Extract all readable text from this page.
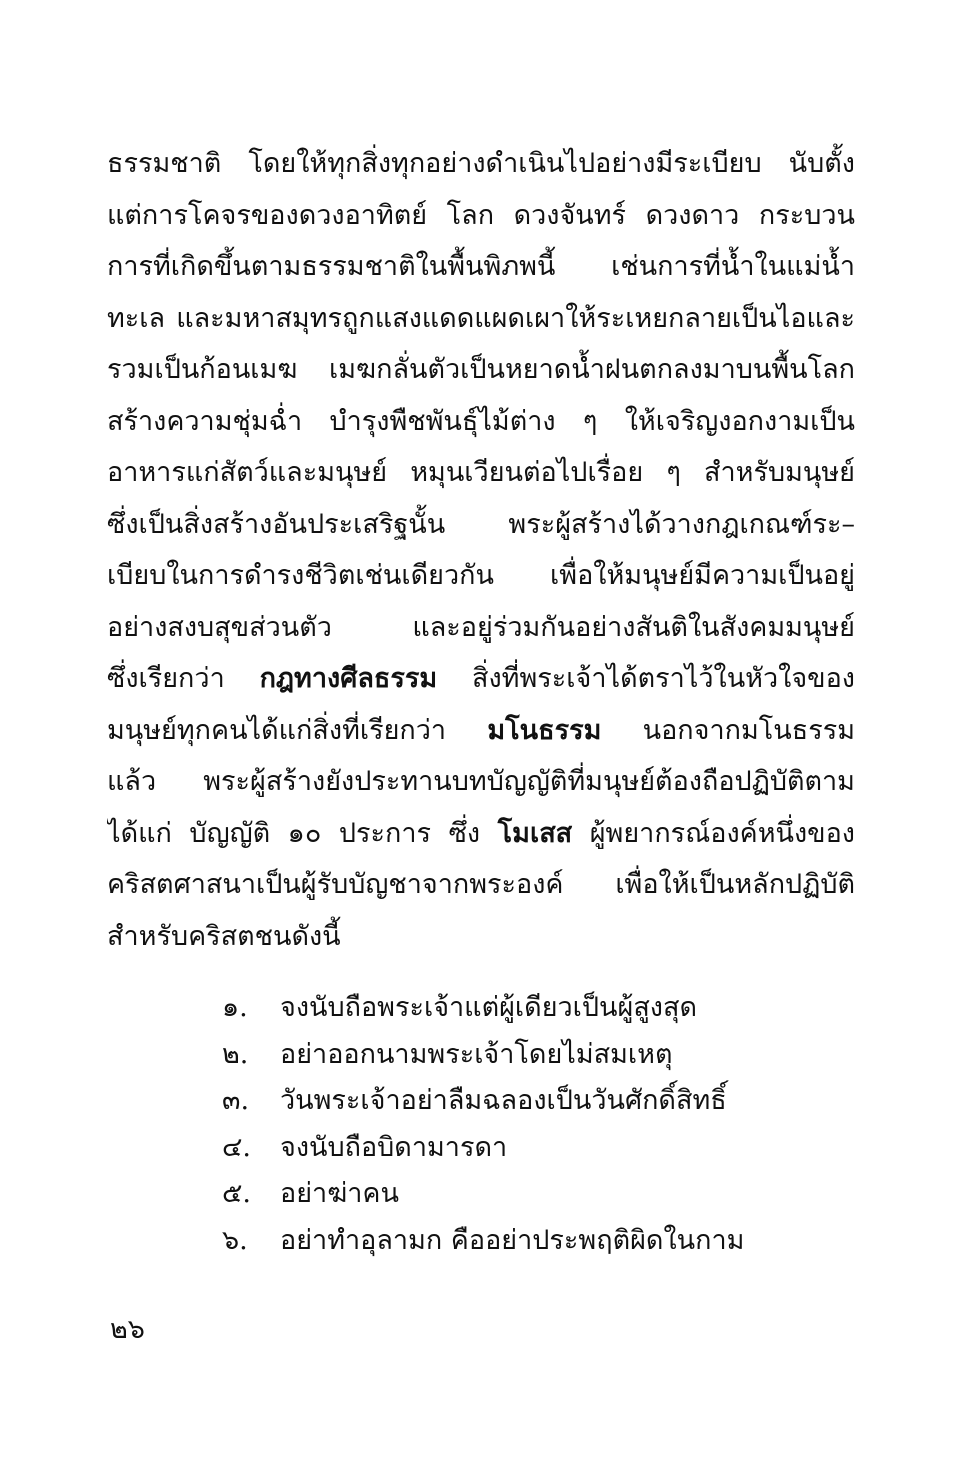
ธรรมชาติ โดยให้ทุกสิ่งทุกอย่างดำเนินไปอย่างมีระเบียบ นับตั้ง
แต่การโคจรของดวงอาทิตย์ โลก ดวงจันทร์ ดวงดาว กระบวน
การที่เกิดขึ้นตามธรรมชาติในพื้นพิภพนี้ เช่นการที่น้ำในแม่น้ำ
ทะเล และมหาสมุทรถูกแสงแดดแผดเผาให้ระเหยกลายเป็นไอและ
รวมเป็นก้อนเมฆ เมฆกลั่นตัวเป็นหยาดน้ำฝนตกลงมาบนพื้นโลก
สร้างความชุ่มฉ่ำ บำรุงพืชพันธุ์ไม้ต่าง ๆ ให้เจริญงอกงามเป็น
อาหารแก่สัตว์และมนุษย์ หมุนเวียนต่อไปเรื่อย ๆ สำหรับมนุษย์
ซึ่งเป็นสิ่งสร้างอันประเสริฐนั้น พระผู้สร้างได้วางกฎเกณฑ์ระ–
เบียบในการดำรงชีวิตเช่นเดียวกัน เพื่อให้มนุษย์มีความเป็นอยู่
อย่างสงบสุขส่วนตัว และอยู่ร่วมกันอย่างสันติในสังคมมนุษย์
ซึ่งเรียกว่า กฎทางศีลธรรม สิ่งที่พระเจ้าได้ตราไว้ในหัวใจของ
มนุษย์ทุกคนได้แก่สิ่งที่เรียกว่า มโนธรรม นอกจากมโนธรรม
แล้ว พระผู้สร้างยังประทานบทบัญญัติที่มนุษย์ต้องถือปฏิบัติตาม
ได้แก่ บัญญัติ ๑๐ ประการ ซึ่ง โมเสส ผู้พยากรณ์องค์หนึ่งของ
คริสตศาสนาเป็นผู้รับบัญชาจากพระองค์ เพื่อให้เป็นหลักปฏิบัติ
สำหรับคริสตชนดังนี้
๑.	จงนับถือพระเจ้าแต่ผู้เดียวเป็นผู้สูงสุด
๒.	อย่าออกนามพระเจ้าโดยไม่สมเหตุ
๓.	วันพระเจ้าอย่าลืมฉลองเป็นวันศักดิ์สิทธิ์
๔.	จงนับถือบิดามารดา
๕.	อย่าฆ่าคน
๖.	อย่าทำอุลามก คืออย่าประพฤติผิดในกาม
๒๖
